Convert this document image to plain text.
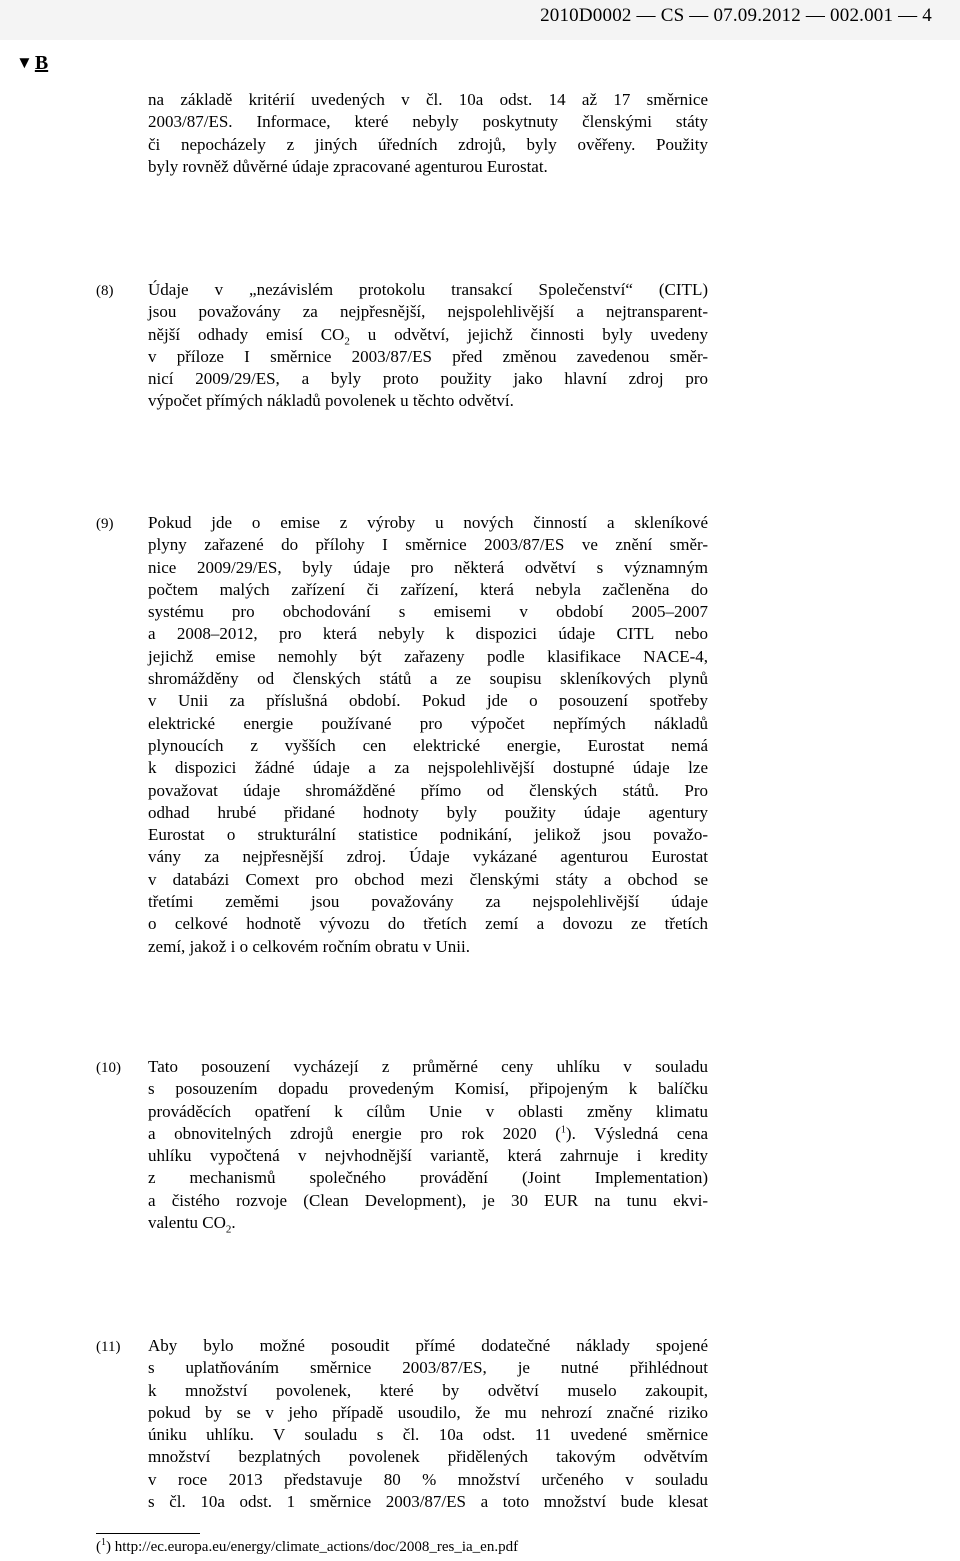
2010D0002 — CS — 07.09.2012 — 002.001 — 4
▼ B
na základě kritérií uvedených v čl. 10a odst. 14 až 17 směrnice
2003/87/ES. Informace, které nebyly poskytnuty členskými státy
či nepocházely z jiných úředních zdrojů, byly ověřeny. Použity
byly rovněž důvěrné údaje zpracované agenturou Eurostat.
(8) Údaje v „nezávislém protokolu transakcí Společenství“ (CITL)
jsou považovány za nejpřesnější, nejspolehlivější a nejtransparent-
nější odhady emisí $CO_2$ u odvětví, jejichž činnosti byly uvedeny
v příloze I směrnice 2003/87/ES před změnou zavedenou směr-
nicí 2009/29/ES, a byly proto použity jako hlavní zdroj pro
výpočet přímých nákladů povolenek u těchto odvětví.
(9) Pokud jde o emise z výroby u nových činností a skleníkové
plyny zařazené do přílohy I směrnice 2003/87/ES ve znění směr-
nice 2009/29/ES, byly údaje pro některá odvětví s významným
počtem malých zařízení či zařízení, která nebyla začleněna do
systému pro obchodování s emisemi v období 2005–2007
a 2008–2012, pro která nebyly k dispozici údaje CITL nebo
jejichž emise nemohly být zařazeny podle klasifikace NACE-4,
shromážděny od členských států a ze soupisu skleníkových plynů
v Unii za příslušná období. Pokud jde o posouzení spotřeby
elektrické energie používané pro výpočet nepřímých nákladů
plynoucích z vyšších cen elektrické energie, Eurostat nemá
k dispozici žádné údaje a za nejspolehlivější dostupné údaje lze
považovat údaje shromážděné přímo od členských států. Pro
odhad hrubé přidané hodnoty byly použity údaje agentury
Eurostat o strukturální statistice podnikání, jelikož jsou považo-
vány za nejpřesnější zdroj. Údaje vykázané agenturou Eurostat
v databázi Comext pro obchod mezi členskými státy a obchod se
třetími zeměmi jsou považovány za nejspolehlivější údaje
o celkové hodnotě vývozu do třetích zemí a dovozu ze třetích
zemí, jakož i o celkovém ročním obratu v Unii.
(10) Tato posouzení vycházejí z průměrné ceny uhlíku v souladu
s posouzením dopadu provedeným Komisí, připojeným k balíčku
prováděcích opatření k cílům Unie v oblasti změny klimatu
a obnovitelných zdrojů energie pro rok 2020 ($^1$). Výsledná cena
uhlíku vypočtená v nejvhodnější variantě, která zahrnuje i kredity
z mechanismů společného provádění (Joint Implementation)
a čistého rozvoje (Clean Development), je 30 EUR na tunu ekvi-
valentu $CO_2$.
(11) Aby bylo možné posoudit přímé dodatečné náklady spojené
s uplatňováním směrnice 2003/87/ES, je nutné přihlédnout
k množství povolenek, které by odvětví muselo zakoupit,
pokud by se v jeho případě usoudilo, že mu nehrozí značné riziko
úniku uhlíku. V souladu s čl. 10a odst. 11 uvedené směrnice
množství bezplatných povolenek přidělených takovým odvětvím
v roce 2013 představuje 80 % množství určeného v souladu
s čl. 10a odst. 1 směrnice 2003/87/ES a toto množství bude klesat
($^1$) http://ec.europa.eu/energy/climate_actions/doc/2008_res_ia_en.pdf
